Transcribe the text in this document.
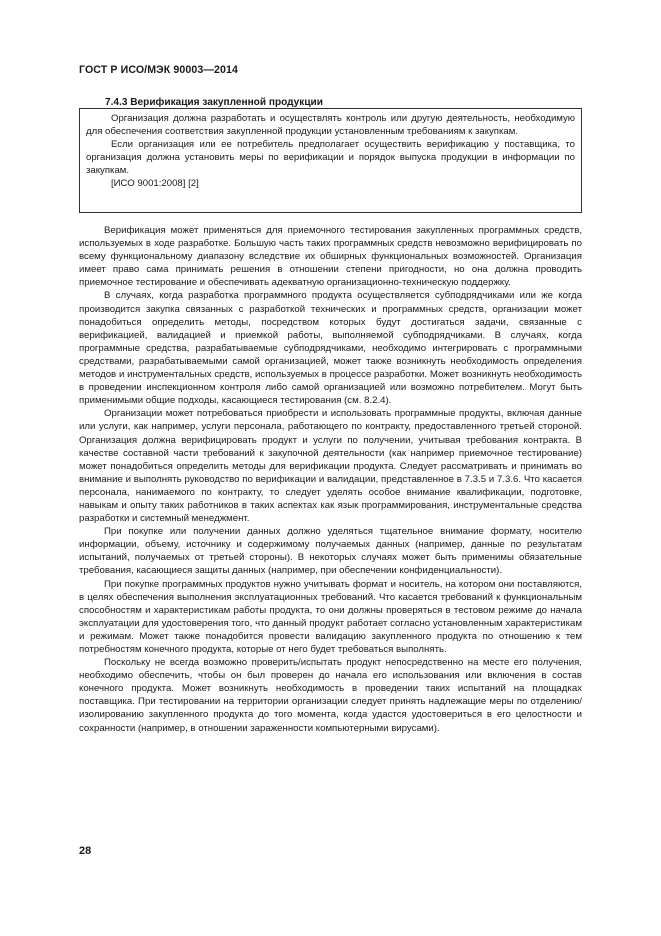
ГОСТ Р ИСО/МЭК 90003—2014
7.4.3 Верификация закупленной продукции

Организация должна разработать и осуществлять контроль или другую деятельность, необходимую для обеспечения соответствия закупленной продукции установленным требованиям к закупкам.

Если организация или ее потребитель предполагает осуществить верификацию у поставщика, то организация должна установить меры по верификации и порядок выпуска продукции в информации по закупкам.

[ИСО 9001:2008] [2]

Верификация может применяться для приемочного тестирования закупленных программных средств, используемых в ходе разработке. Большую часть таких программных средств невозможно верифицировать по всему функциональному диапазону вследствие их обширных функциональных возможностей. Организация имеет право сама принимать решения в отношении степени пригодности, но она должна проводить приемочное тестирование и обеспечивать адекватную организационно-техническую поддержку.

В случаях, когда разработка программного продукта осуществляется субподрядчиками или же когда производится закупка связанных с разработкой технических и программных средств, организации может понадобиться определить методы, посредством которых будут достигаться задачи, связанные с верификацией, валидацией и приемкой работы, выполняемой субподрядчиками. В случаях, когда программные средства, разрабатываемые субподрядчиками, необходимо интегрировать с программными средствами, разрабатываемыми самой организацией, может также возникнуть необходимость определения методов и инструментальных средств, используемых в процессе разработки. Может возникнуть необходимость в проведении инспекционном контроля либо самой организацией или возможно потребителем. Могут быть применимыми общие подходы, касающиеся тестирования (см. 8.2.4).

Организации может потребоваться приобрести и использовать программные продукты, включая данные или услуги, как например, услуги персонала, работающего по контракту, предоставленного третьей стороной. Организация должна верифицировать продукт и услуги по получении, учитывая требования контракта. В качестве составной части требований к закупочной деятельности (как например приемочное тестирование) может понадобиться определить методы для верификации продукта. Следует рассматривать и принимать во внимание и выполнять руководство по верификации и валидации, представленное в 7.3.5 и 7.3.6. Что касается персонала, нанимаемого по контракту, то следует уделять особое внимание квалификации, подготовке, навыкам и опыту таких работников в таких аспектах как язык программирования, инструментальные средства разработки и системный менеджмент.

При покупке или получении данных должно уделяться тщательное внимание формату, носителю информации, объему, источнику и содержимому получаемых данных (например, данные по результатам испытаний, получаемых от третьей стороны). В некоторых случаях может быть применимы обязательные требования, касающиеся защиты данных (например, при обеспечении конфиденциальности).

При покупке программных продуктов нужно учитывать формат и носитель, на котором они поставляются, в целях обеспечения выполнения эксплуатационных требований. Что касается требований к функциональным способностям и характеристикам работы продукта, то они должны проверяться в тестовом режиме до начала эксплуатации для удостоверения того, что данный продукт работает согласно установленным характеристикам и режимам. Может также понадобится провести валидацию закупленного продукта по отношению к тем потребностям конечного продукта, которые от него будет требоваться выполнять.

Поскольку не всегда возможно проверить/испытать продукт непосредственно на месте его получения, необходимо обеспечить, чтобы он был проверен до начала его использования или включения в состав конечного продукта. Может возникнуть необходимость в проведении таких испытаний на площадках поставщика. При тестировании на территории организации следует принять надлежащие меры по отделению/изолированию закупленного продукта до того момента, когда удастся удостовериться в его целостности и сохранности (например, в отношении зараженности компьютерными вирусами).

28
